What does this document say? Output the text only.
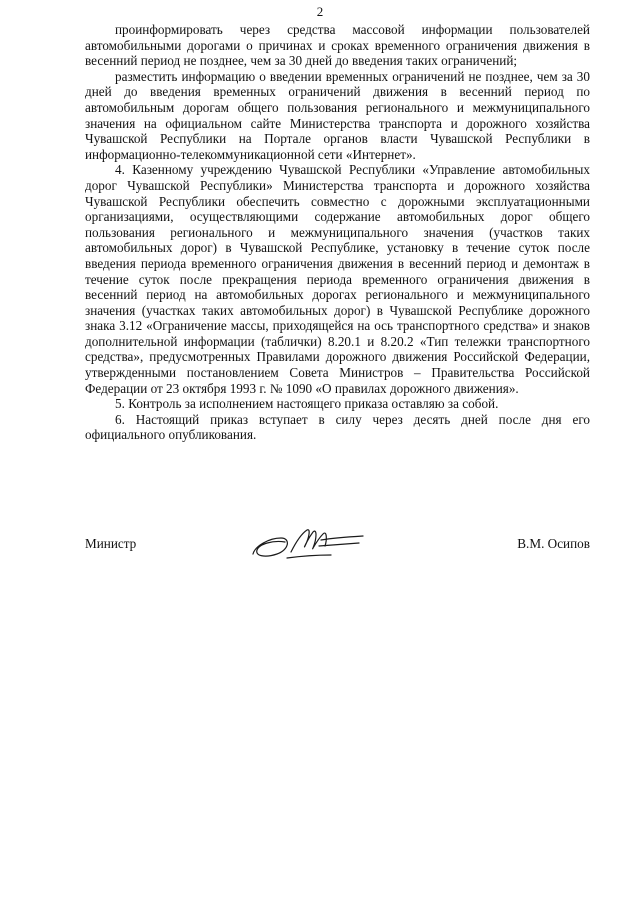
2

проинформировать через средства массовой информации пользователей автомобильными дорогами о причинах и сроках временного ограничения движения в весенний период не позднее, чем за 30 дней до введения таких ограничений;

разместить информацию о введении временных ограничений не позднее, чем за 30 дней до введения временных ограничений движения в весенний период по автомобильным дорогам общего пользования регионального и межмуниципального значения на официальном сайте Министерства транспорта и дорожного хозяйства Чувашской Республики на Портале органов власти Чувашской Республики в информационно-телекоммуникационной сети «Интернет».

4. Казенному учреждению Чувашской Республики «Управление автомобильных дорог Чувашской Республики» Министерства транспорта и дорожного хозяйства Чувашской Республики обеспечить совместно с дорожными эксплуатационными организациями, осуществляющими содержание автомобильных дорог общего пользования регионального и межмуниципального значения (участков таких автомобильных дорог) в Чувашской Республике, установку в течение суток после введения периода временного ограничения движения в весенний период и демонтаж в течение суток после прекращения периода временного ограничения движения в весенний период на автомобильных дорогах регионального и межмуниципального значения (участках таких автомобильных дорог) в Чувашской Республике дорожного знака 3.12 «Ограничение массы, приходящейся на ось транспортного средства» и знаков дополнительной информации (таблички) 8.20.1 и 8.20.2 «Тип тележки транспортного средства», предусмотренных Правилами дорожного движения Российской Федерации, утвержденными постановлением Совета Министров – Правительства Российской Федерации от 23 октября 1993 г. № 1090 «О правилах дорожного движения».

5. Контроль за исполнением настоящего приказа оставляю за собой.

6. Настоящий приказ вступает в силу через десять дней после дня его официального опубликования.

Министр	В.М. Осипов
